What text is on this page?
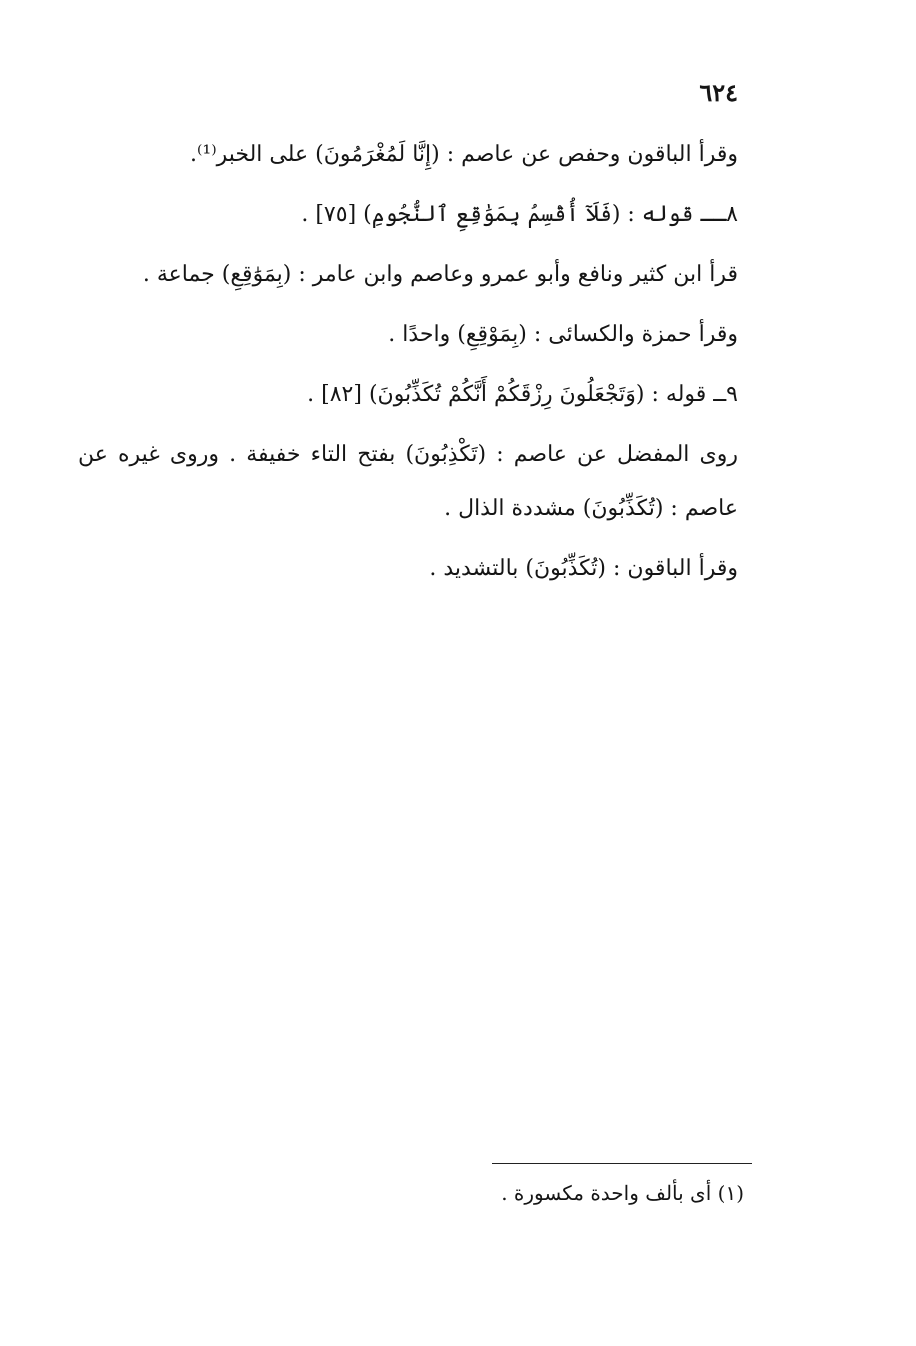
٦٢٤

وقرأ الباقون وحفص عن عاصم : (إِنَّا لَمُغْرَمُونَ) على الخبر⁽¹⁾.

٨ــ قوله : (فَلَآ أُقْسِمُ بِمَوَٰقِعِ ٱلنُّجُومِ) [٧٥] .

قرأ ابن كثير ونافع وأبو عمرو وعاصم وابن عامر : (بِمَوَٰقِعِ) جماعة .

وقرأ حمزة والكسائى : (بِمَوْقِعِ) واحدًا .

٩ــ قوله : (وَتَجْعَلُونَ رِزْقَكُمْ أَنَّكُمْ تُكَذِّبُونَ) [٨٢] .

روى المفضل عن عاصم : (تَكْذِبُونَ) بفتح التاء خفيفة . وروى غيره عن عاصم : (تُكَذِّبُونَ) مشددة الذال .

وقرأ الباقون : (تُكَذِّبُونَ) بالتشديد .

(١) أى بألف واحدة مكسورة .
